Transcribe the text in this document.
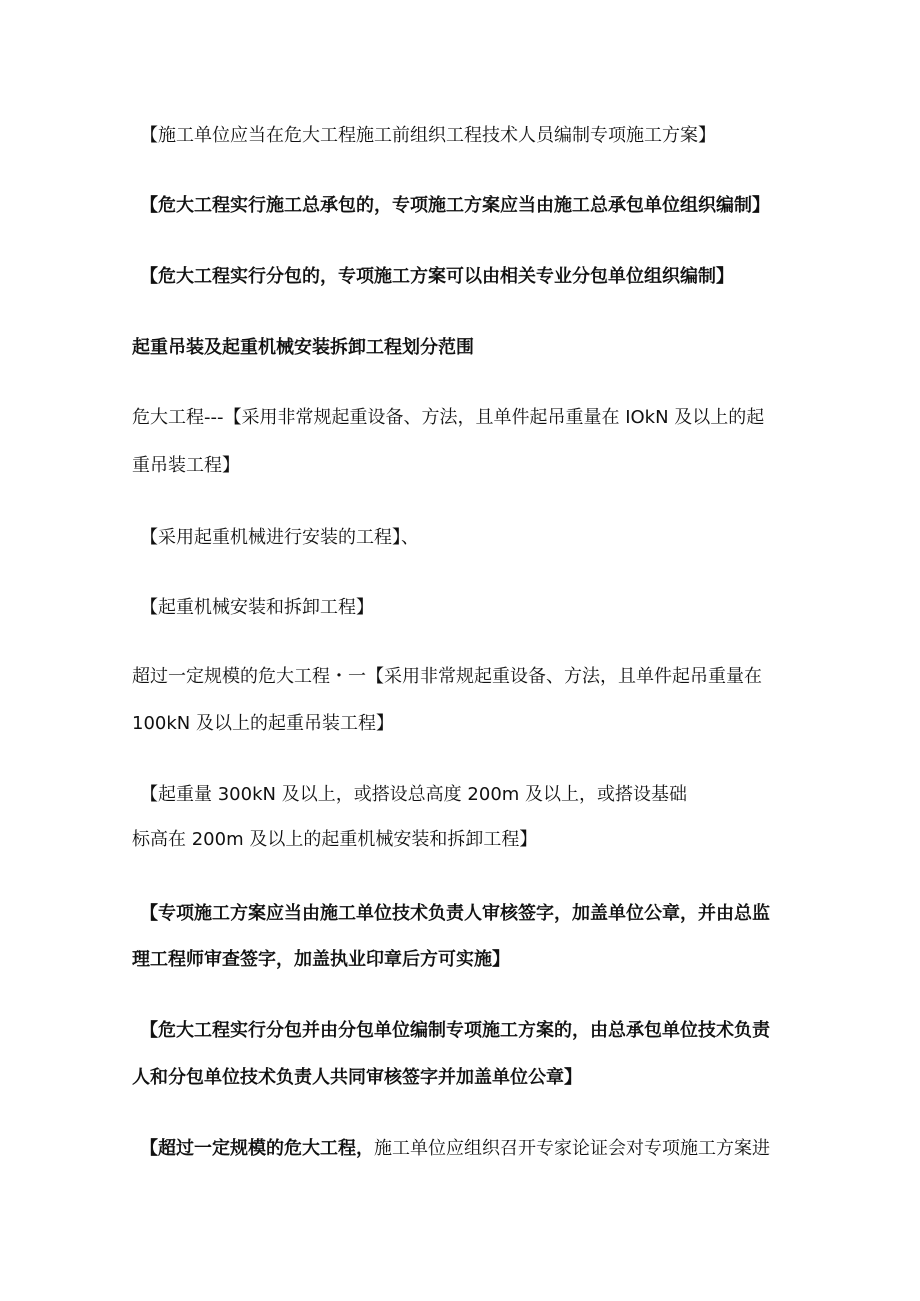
【施工单位应当在危大工程施工前组织工程技术人员编制专项施工方案】
【危大工程实行施工总承包的，专项施工方案应当由施工总承包单位组织编制】
【危大工程实行分包的，专项施工方案可以由相关专业分包单位组织编制】
起重吊装及起重机械安装拆卸工程划分范围
危大工程---【采用非常规起重设备、方法，且单件起吊重量在 IOkN 及以上的起
重吊装工程】
【采用起重机械进行安装的工程】、
【起重机械安装和拆卸工程】
超过一定规模的危大工程・一【采用非常规起重设备、方法，且单件起吊重量在
100kN 及以上的起重吊装工程】
【起重量 300kN 及以上，或搭设总高度 200m 及以上，或搭设基础
标高在 200m 及以上的起重机械安装和拆卸工程】
【专项施工方案应当由施工单位技术负责人审核签字，加盖单位公章，并由总监
理工程师审查签字，加盖执业印章后方可实施】
【危大工程实行分包并由分包单位编制专项施工方案的，由总承包单位技术负责
人和分包单位技术负责人共同审核签字并加盖单位公章】
【超过一定规模的危大工程，施工单位应组织召开专家论证会对专项施工方案进
